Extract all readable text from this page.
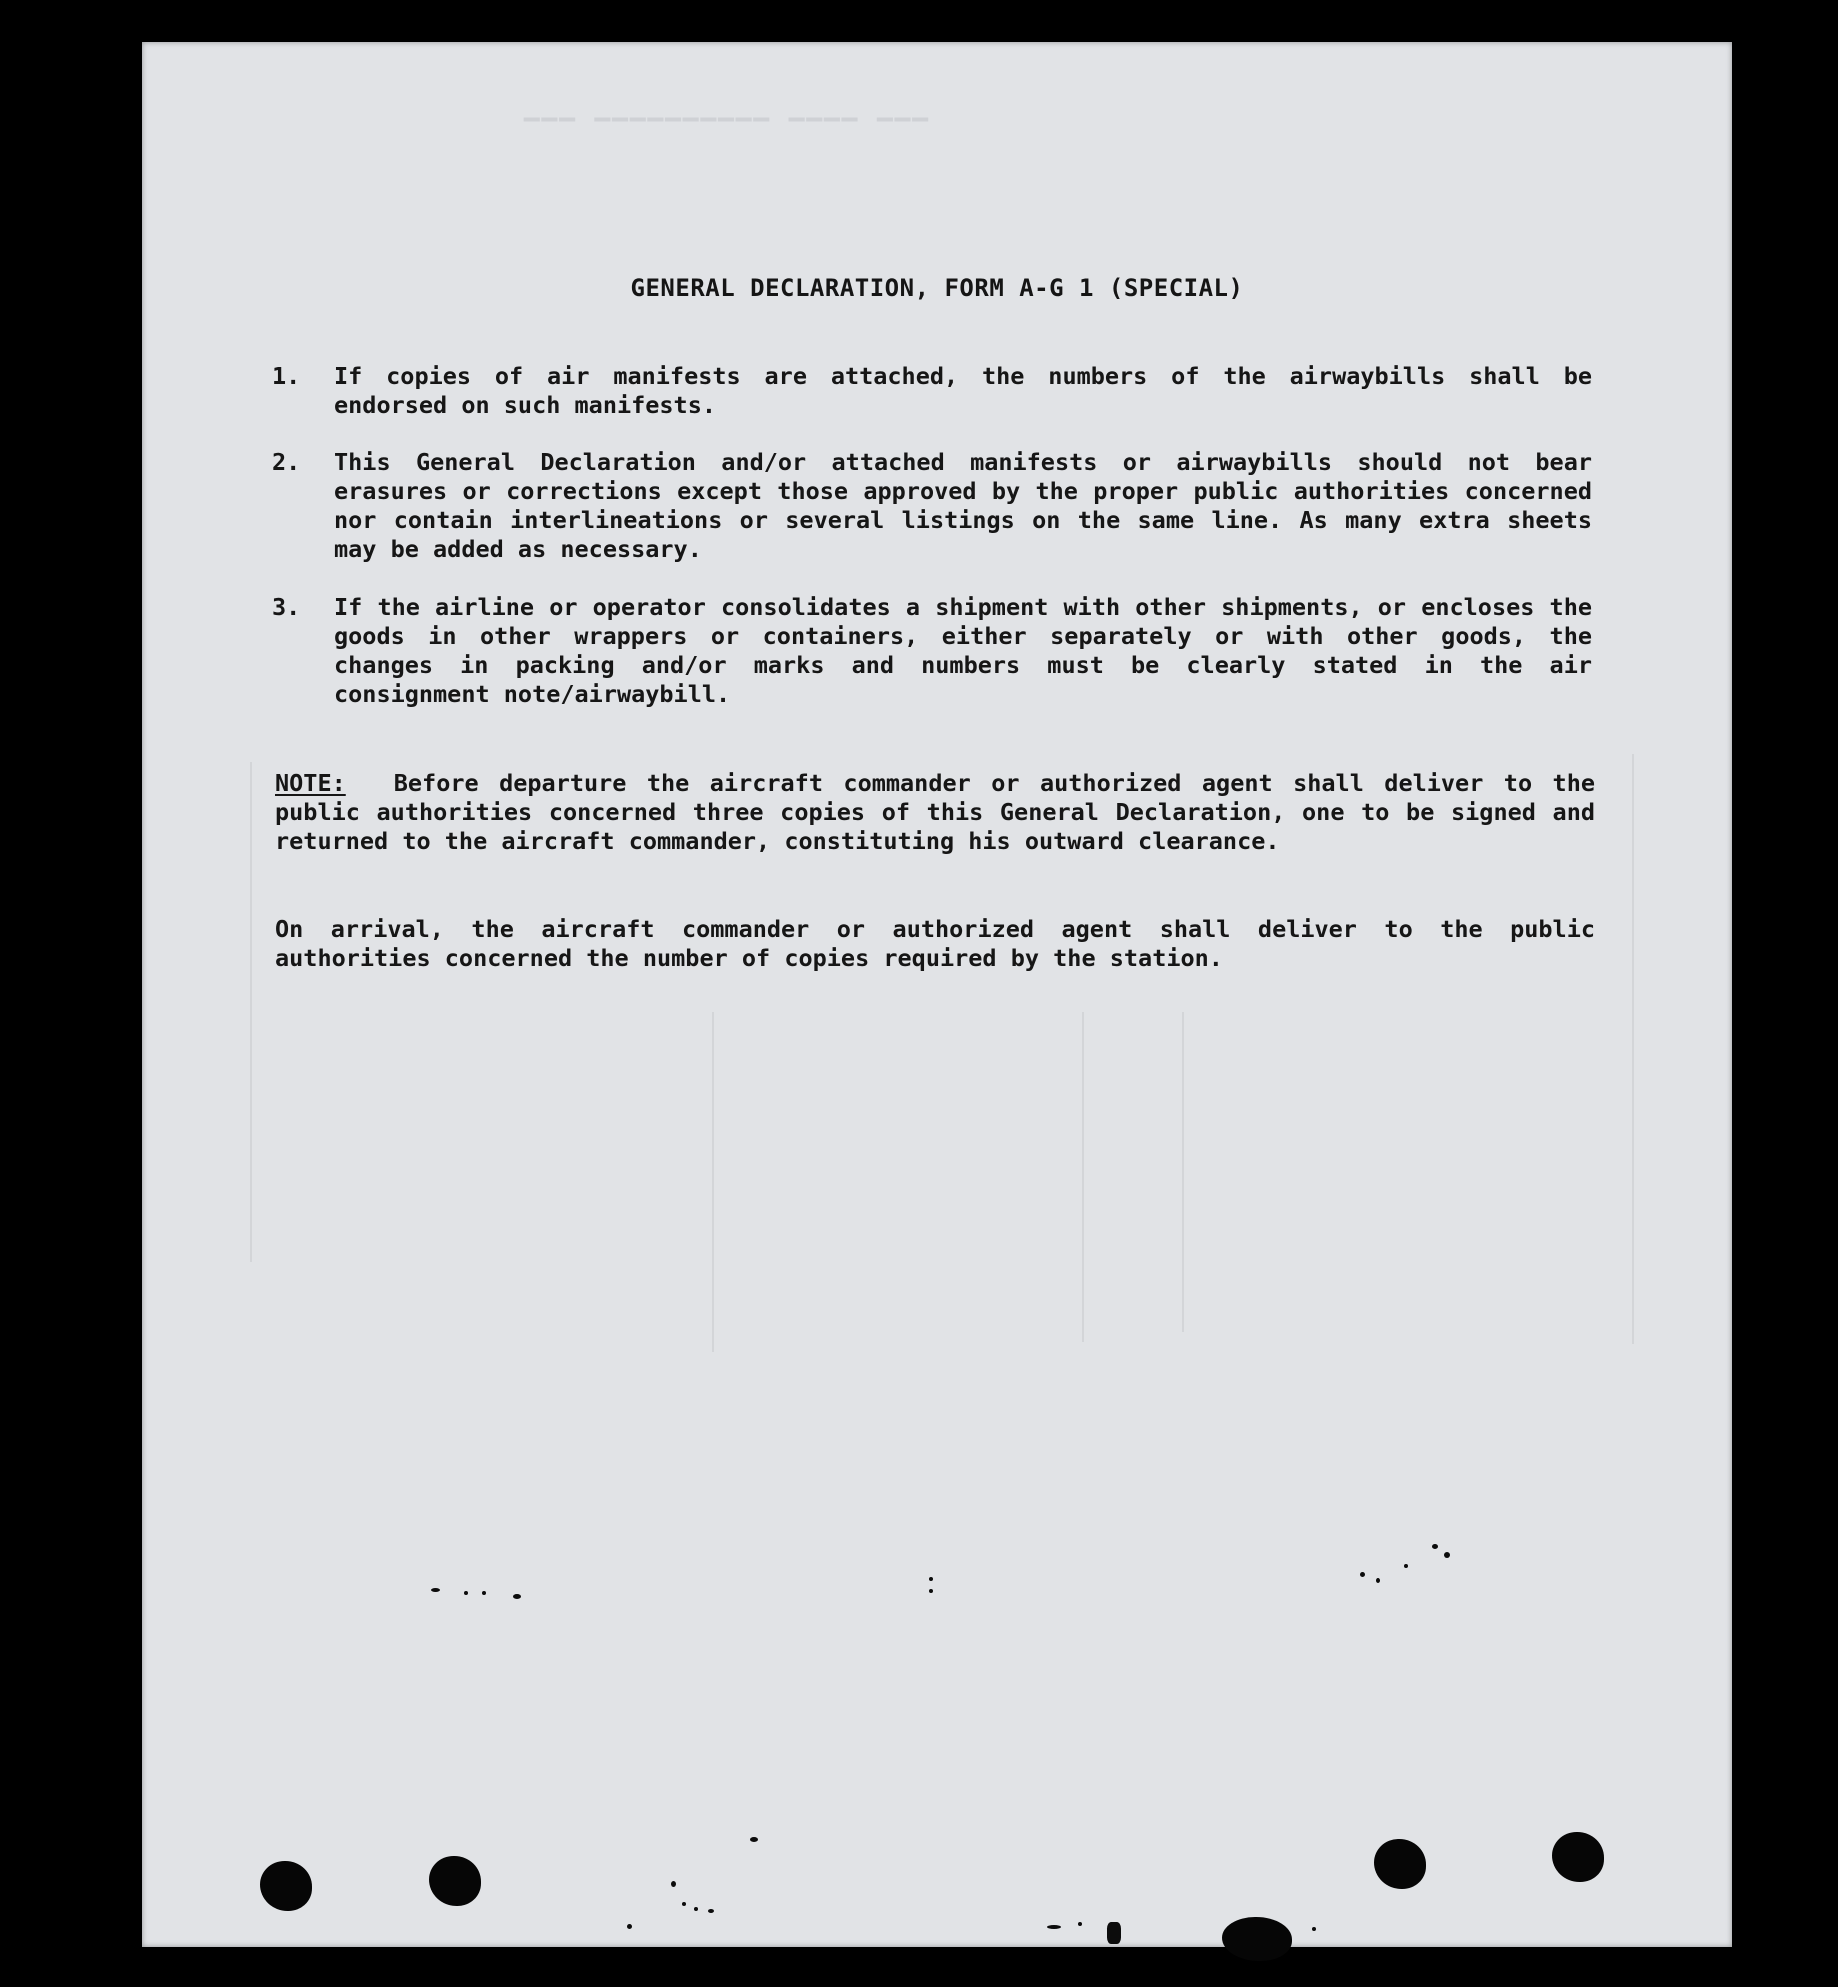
▁▁▁ ▁▁▁▁ ▁▁▁▁▁▁▁▁▁▁ ▁▁▁
GENERAL DECLARATION, FORM A-G 1 (SPECIAL)
1.	If copies of air manifests are attached, the numbers of the airwaybills shall be endorsed on such manifests.
2.	This General Declaration and/or attached manifests or airwaybills should not bear erasures or corrections except those approved by the proper public authorities concerned nor contain interlineations or several listings on the same line. As many extra sheets may be added as necessary.
3.	If the airline or operator consolidates a shipment with other shipments, or encloses the goods in other wrappers or containers, either separately or with other goods, the changes in packing and/or marks and numbers must be clearly stated in the air consignment note/airwaybill.
NOTE: Before departure the aircraft commander or authorized agent shall deliver to the public authorities concerned three copies of this General Declaration, one to be signed and returned to the aircraft commander, constituting his outward clearance.
On arrival, the aircraft commander or authorized agent shall deliver to the public authorities concerned the number of copies required by the station.
